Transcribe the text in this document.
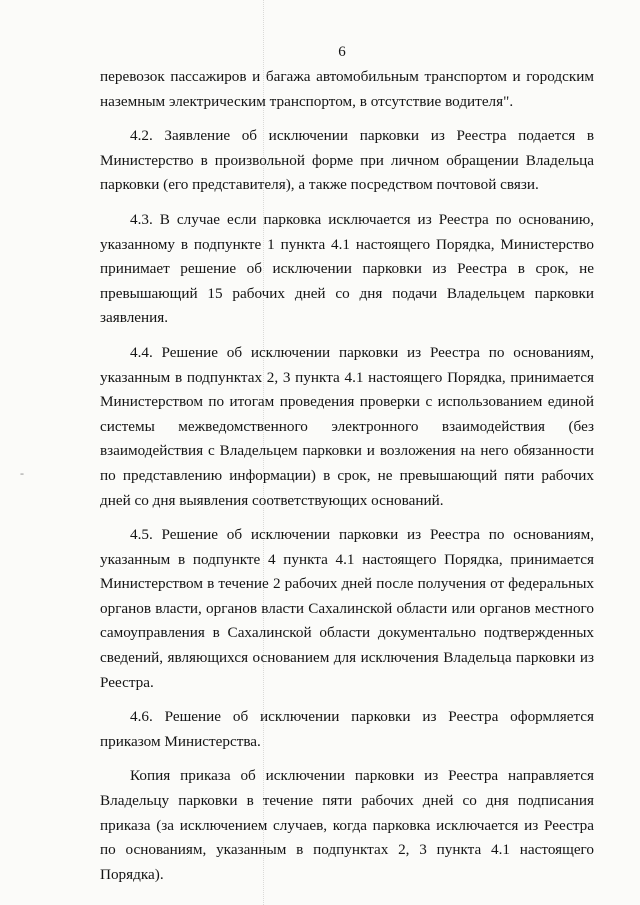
6
-

перевозок пассажиров и багажа автомобильным транспортом и городским наземным электрическим транспортом, в отсутствие водителя".

4.2. Заявление об исключении парковки из Реестра подается в Министерство в произвольной форме при личном обращении Владельца парковки (его представителя), а также посредством почтовой связи.

4.3. В случае если парковка исключается из Реестра по основанию, указанному в подпункте 1 пункта 4.1 настоящего Порядка, Министерство принимает решение об исключении парковки из Реестра в срок, не превышающий 15 рабочих дней со дня подачи Владельцем парковки заявления.

4.4. Решение об исключении парковки из Реестра по основаниям, указанным в подпунктах 2, 3 пункта 4.1 настоящего Порядка, принимается Министерством по итогам проведения проверки с использованием единой системы межведомственного электронного взаимодействия (без взаимодействия с Владельцем парковки и возложения на него обязанности по представлению информации) в срок, не превышающий пяти рабочих дней со дня выявления соответствующих оснований.

4.5. Решение об исключении парковки из Реестра по основаниям, указанным в подпункте 4 пункта 4.1 настоящего Порядка, принимается Министерством в течение 2 рабочих дней после получения от федеральных органов власти, органов власти Сахалинской области или органов местного самоуправления в Сахалинской области документально подтвержденных сведений, являющихся основанием для исключения Владельца парковки из Реестра.

4.6. Решение об исключении парковки из Реестра оформляется приказом Министерства.

Копия приказа об исключении парковки из Реестра направляется Владельцу парковки в течение пяти рабочих дней со дня подписания приказа (за исключением случаев, когда парковка исключается из Реестра по основаниям, указанным в подпунктах 2, 3 пункта 4.1 настоящего Порядка).
